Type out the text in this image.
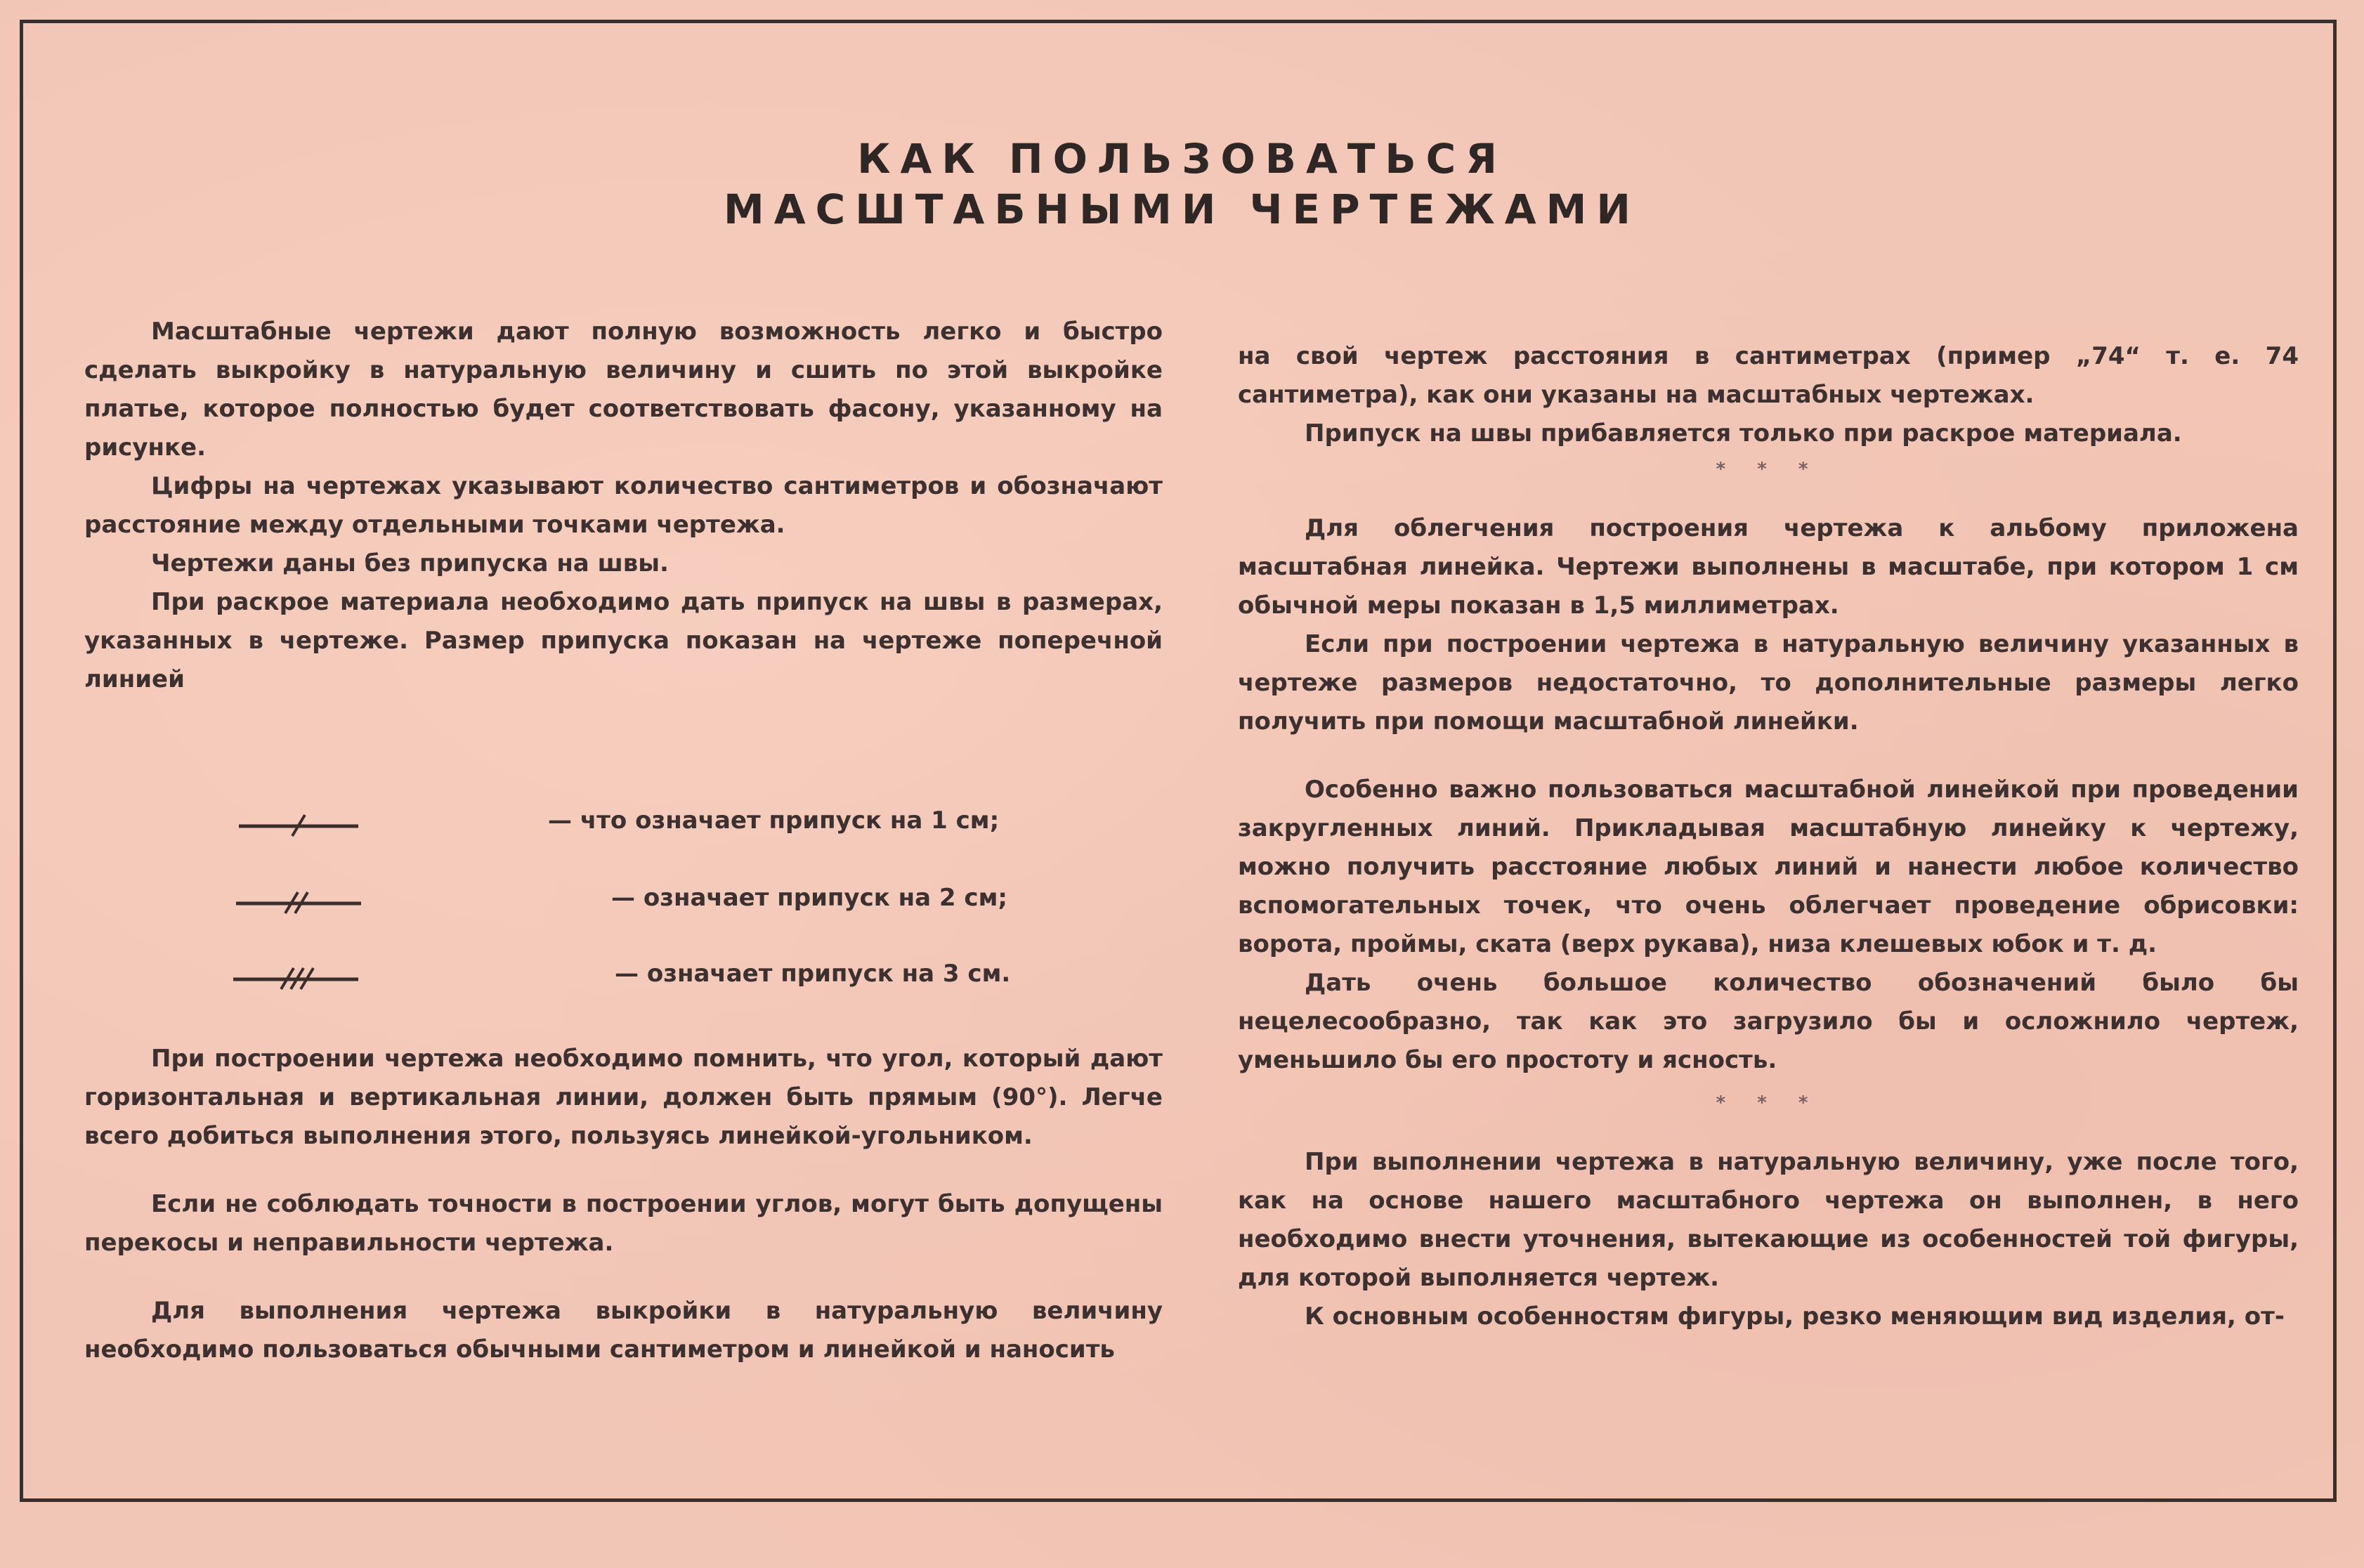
КАК ПОЛЬЗОВАТЬСЯ
МАСШТАБНЫМИ ЧЕРТЕЖАМИ

Масштабные чертежи дают полную возможность легко и быстро сделать выкройку в натуральную величину и сшить по этой выкройке платье, которое полностью будет соответствовать фасону, указанному на рисунке.

Цифры на чертежах указывают количество сантиметров и обозначают расстояние между отдельными точками чертежа.

Чертежи даны без припуска на швы.

При раскрое материала необходимо дать припуск на швы в размерах, указанных в чертеже. Размер припуска показан на чертеже поперечной линией

— что означает припуск на 1 см;
— означает припуск на 2 см;
— означает припуск на 3 см.

При построении чертежа необходимо помнить, что угол, который дают горизонтальная и вертикальная линии, должен быть прямым (90°). Легче всего добиться выполнения этого, пользуясь линейкой-угольником.

Если не соблюдать точности в построении углов, могут быть допущены перекосы и неправильности чертежа.

Для выполнения чертежа выкройки в натуральную величину необходимо пользоваться обычными сантиметром и линейкой и наносить

на свой чертеж расстояния в сантиметрах (пример „74“ т. е. 74 сантиметра), как они указаны на масштабных чертежах.

Припуск на швы прибавляется только при раскрое материала.

* * *

Для облегчения построения чертежа к альбому приложена масштабная линейка. Чертежи выполнены в масштабе, при котором 1 см обычной меры показан в 1,5 миллиметрах.

Если при построении чертежа в натуральную величину указанных в чертеже размеров недостаточно, то дополнительные размеры легко получить при помощи масштабной линейки.

Особенно важно пользоваться масштабной линейкой при проведении закругленных линий. Прикладывая масштабную линейку к чертежу, можно получить расстояние любых линий и нанести любое количество вспомогательных точек, что очень облегчает проведение обрисовки: ворота, проймы, ската (верх рукава), низа клешевых юбок и т. д.

Дать очень большое количество обозначений было бы нецелесообразно, так как это загрузило бы и осложнило чертеж, уменьшило бы его простоту и ясность.

* * *

При выполнении чертежа в натуральную величину, уже после того, как на основе нашего масштабного чертежа он выполнен, в него необходимо внести уточнения, вытекающие из особенностей той фигуры, для которой выполняется чертеж.

К основным особенностям фигуры, резко меняющим вид изделия, от-
